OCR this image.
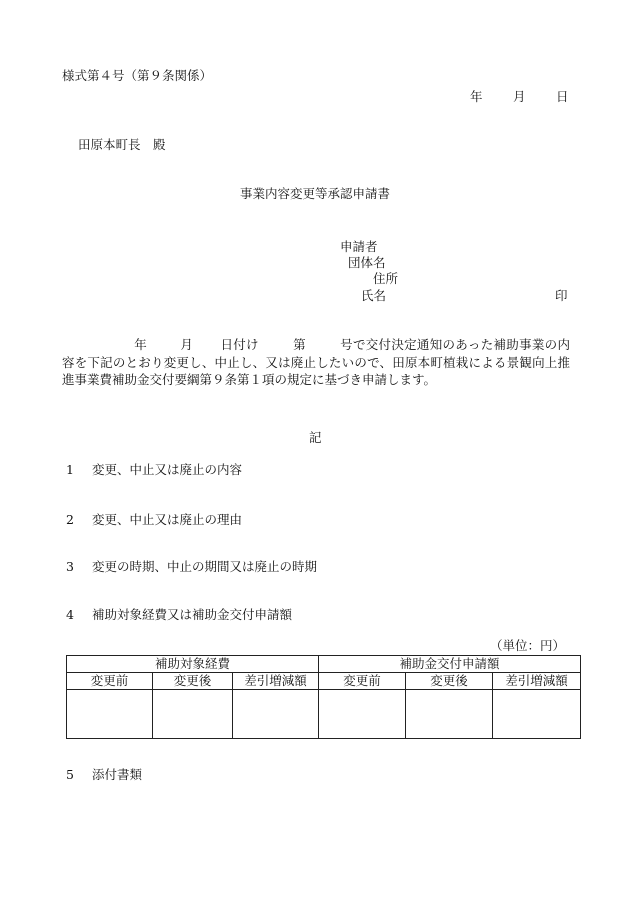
様式第４号（第９条関係）
年 月 日
田原本町長　殿
事業内容変更等承認申請書
申請者
団体名
住所
氏名	印
年	月 日付け	第	号で交付決定通知のあった補助事業の内容を下記のとおり変更し、中止し、又は廃止したいので、田原本町植栽による景観向上推進事業費補助金交付要綱第９条第１項の規定に基づき申請します。
記
1 変更、中止又は廃止の内容
2 変更、中止又は廃止の理由
3 変更の時期、中止の期間又は廃止の時期
4 補助対象経費又は補助金交付申請額
（単位：円）
補助対象経費			補助金交付申請額		
変更前	変更後	差引増減額	変更前	変更後	差引増減額

5 添付書類
